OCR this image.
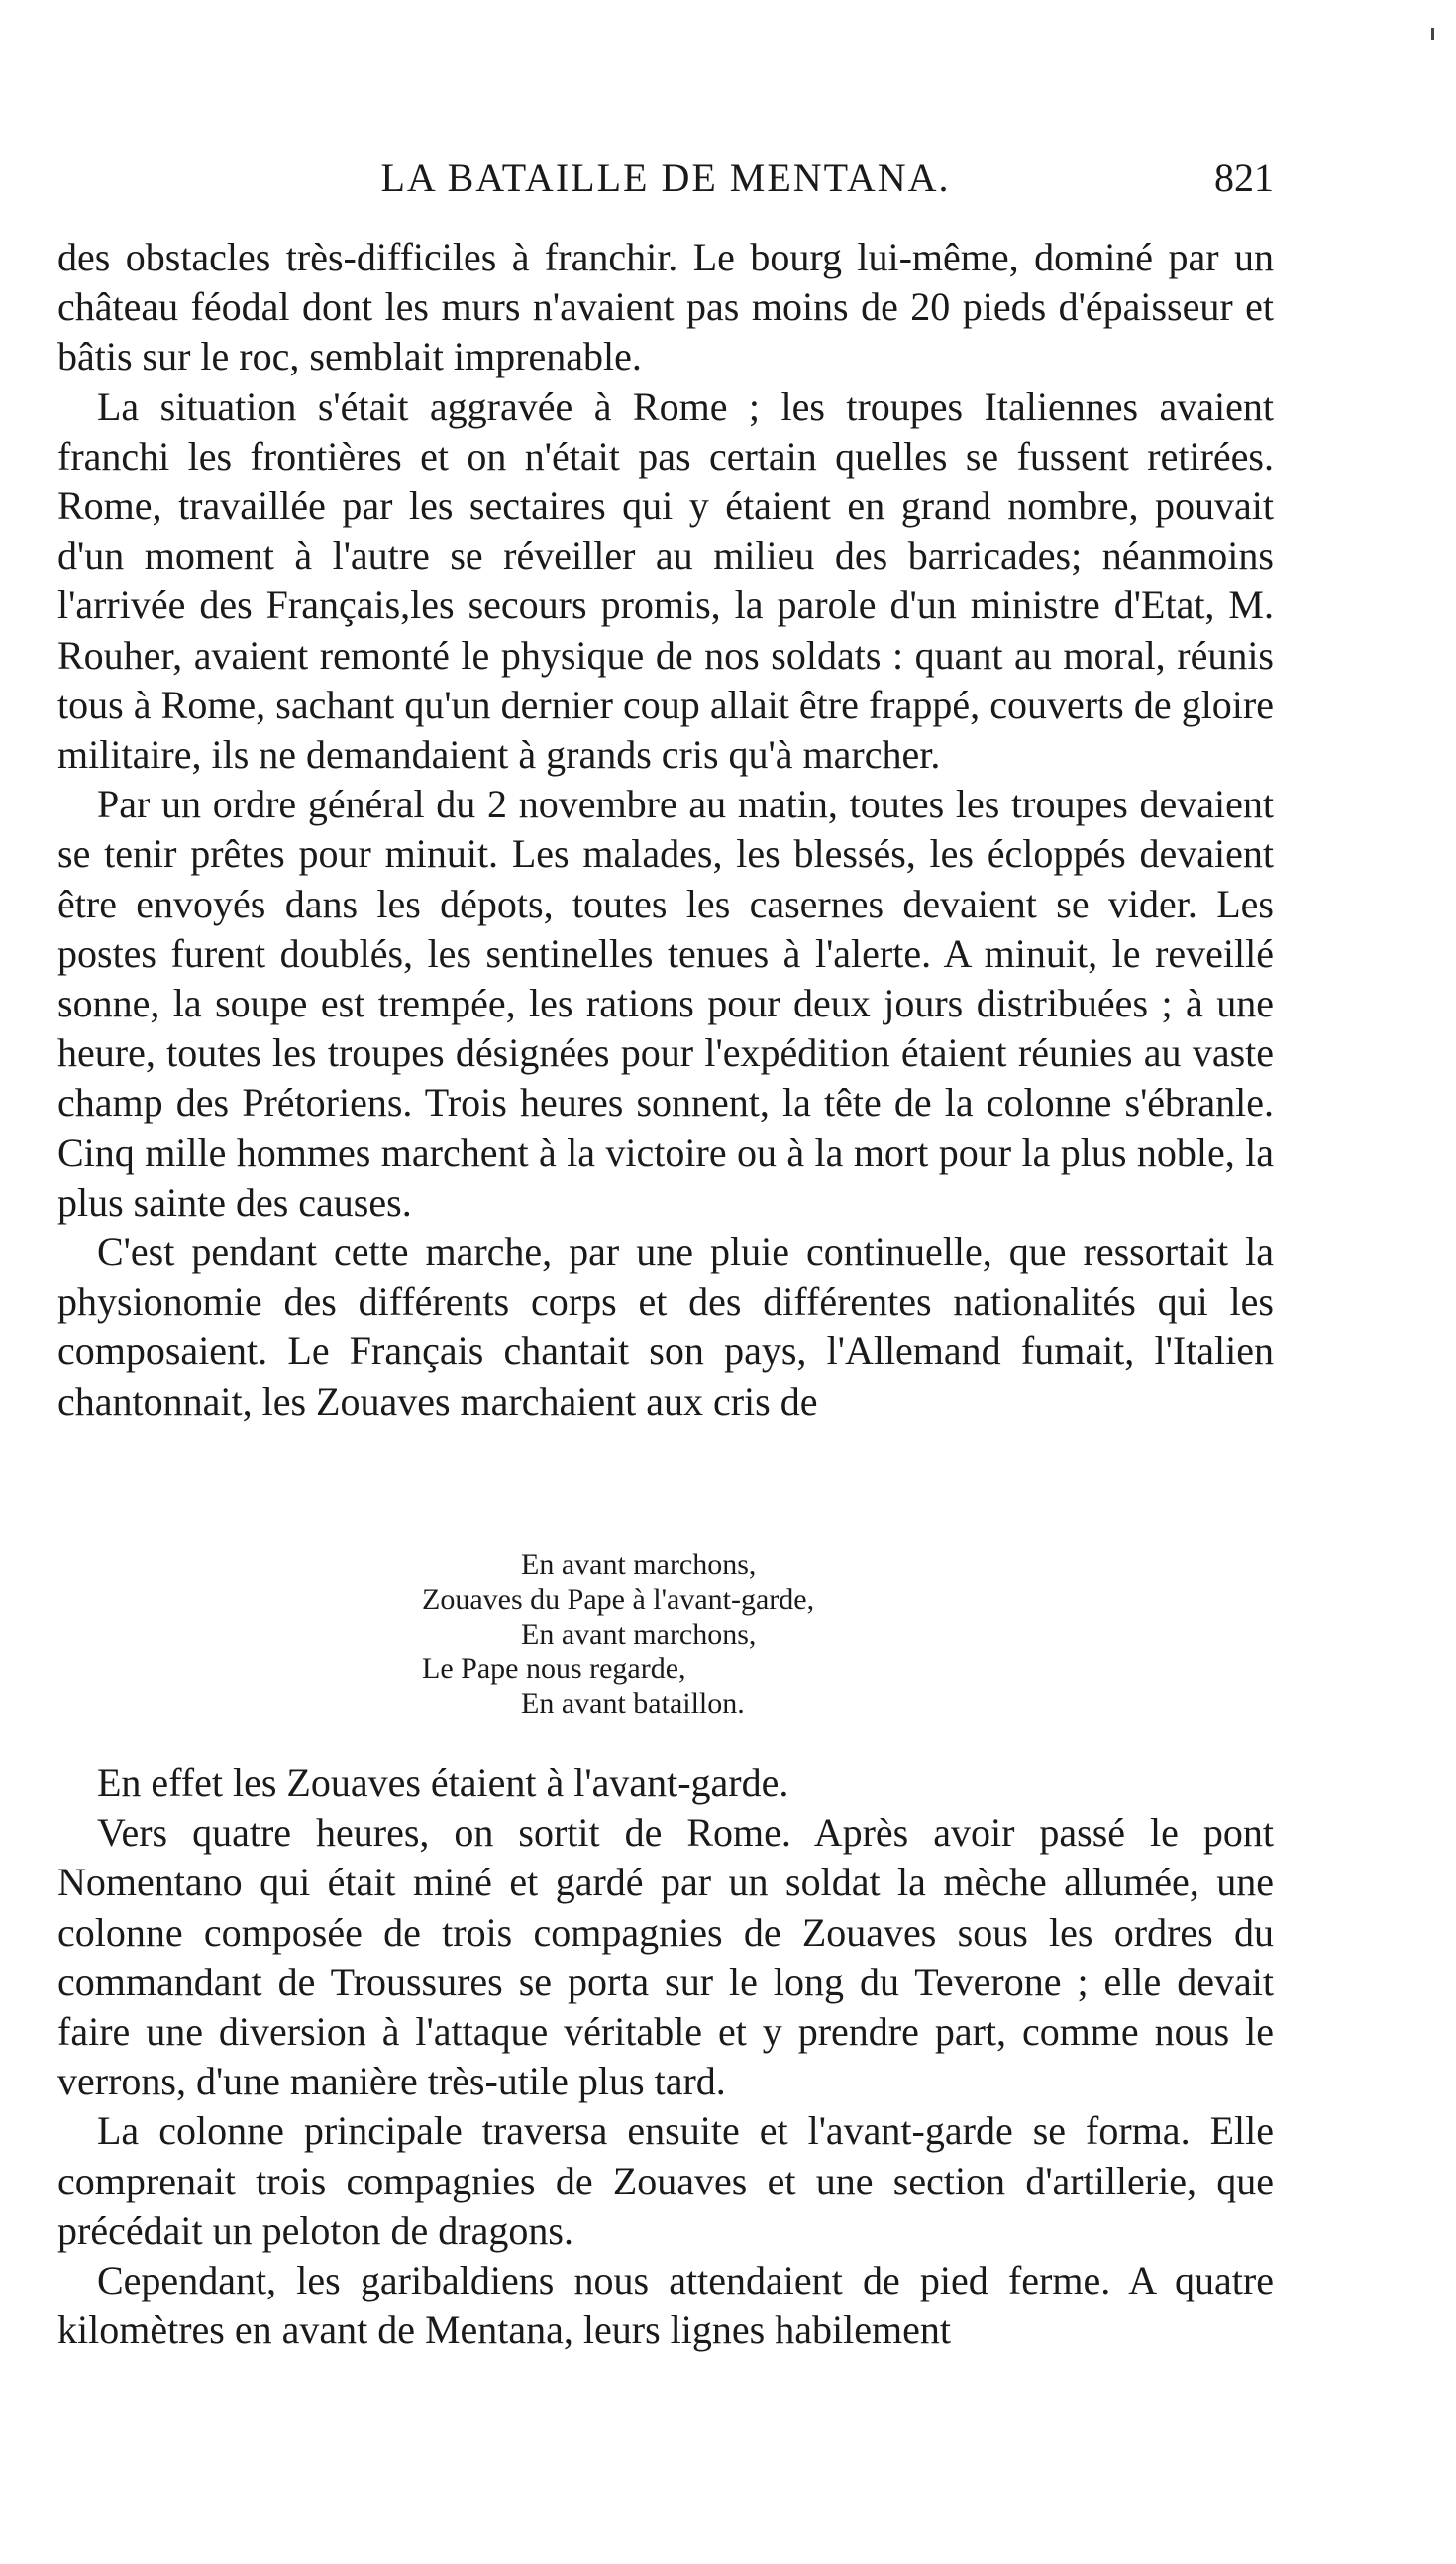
LA BATAILLE DE MENTANA.	821

des obstacles très-difficiles à franchir. Le bourg lui-même, dominé par un château féodal dont les murs n'avaient pas moins de 20 pieds d'épaisseur et bâtis sur le roc, semblait imprenable.

La situation s'était aggravée à Rome ; les troupes Italiennes avaient franchi les frontières et on n'était pas certain quelles se fussent retirées. Rome, travaillée par les sectaires qui y étaient en grand nombre, pouvait d'un moment à l'autre se réveiller au milieu des barricades; néanmoins l'arrivée des Français,les secours promis, la parole d'un ministre d'Etat, M. Rouher, avaient remonté le physique de nos soldats : quant au moral, réunis tous à Rome, sachant qu'un dernier coup allait être frappé, couverts de gloire militaire, ils ne demandaient à grands cris qu'à marcher.

Par un ordre général du 2 novembre au matin, toutes les troupes devaient se tenir prêtes pour minuit. Les malades, les blessés, les écloppés devaient être envoyés dans les dépots, toutes les casernes devaient se vider. Les postes furent doublés, les sentinelles tenues à l'alerte. A minuit, le reveillé sonne, la soupe est trempée, les rations pour deux jours distribuées ; à une heure, toutes les troupes désignées pour l'expédition étaient réunies au vaste champ des Prétoriens. Trois heures sonnent, la tête de la colonne s'ébranle. Cinq mille hommes marchent à la victoire ou à la mort pour la plus noble, la plus sainte des causes.

C'est pendant cette marche, par une pluie continuelle, que ressortait la physionomie des différents corps et des différentes nationalités qui les composaient. Le Français chantait son pays, l'Allemand fumait, l'Italien chantonnait, les Zouaves marchaient aux cris de

En avant marchons,
Zouaves du Pape à l'avant-garde,
En avant marchons,
Le Pape nous regarde,
En avant bataillon.

En effet les Zouaves étaient à l'avant-garde.

Vers quatre heures, on sortit de Rome. Après avoir passé le pont Nomentano qui était miné et gardé par un soldat la mèche allumée, une colonne composée de trois compagnies de Zouaves sous les ordres du commandant de Troussures se porta sur le long du Teverone ; elle devait faire une diversion à l'attaque véritable et y prendre part, comme nous le verrons, d'une manière très-utile plus tard.

La colonne principale traversa ensuite et l'avant-garde se forma. Elle comprenait trois compagnies de Zouaves et une section d'artillerie, que précédait un peloton de dragons.

Cependant, les garibaldiens nous attendaient de pied ferme. A quatre kilomètres en avant de Mentana, leurs lignes habilement
